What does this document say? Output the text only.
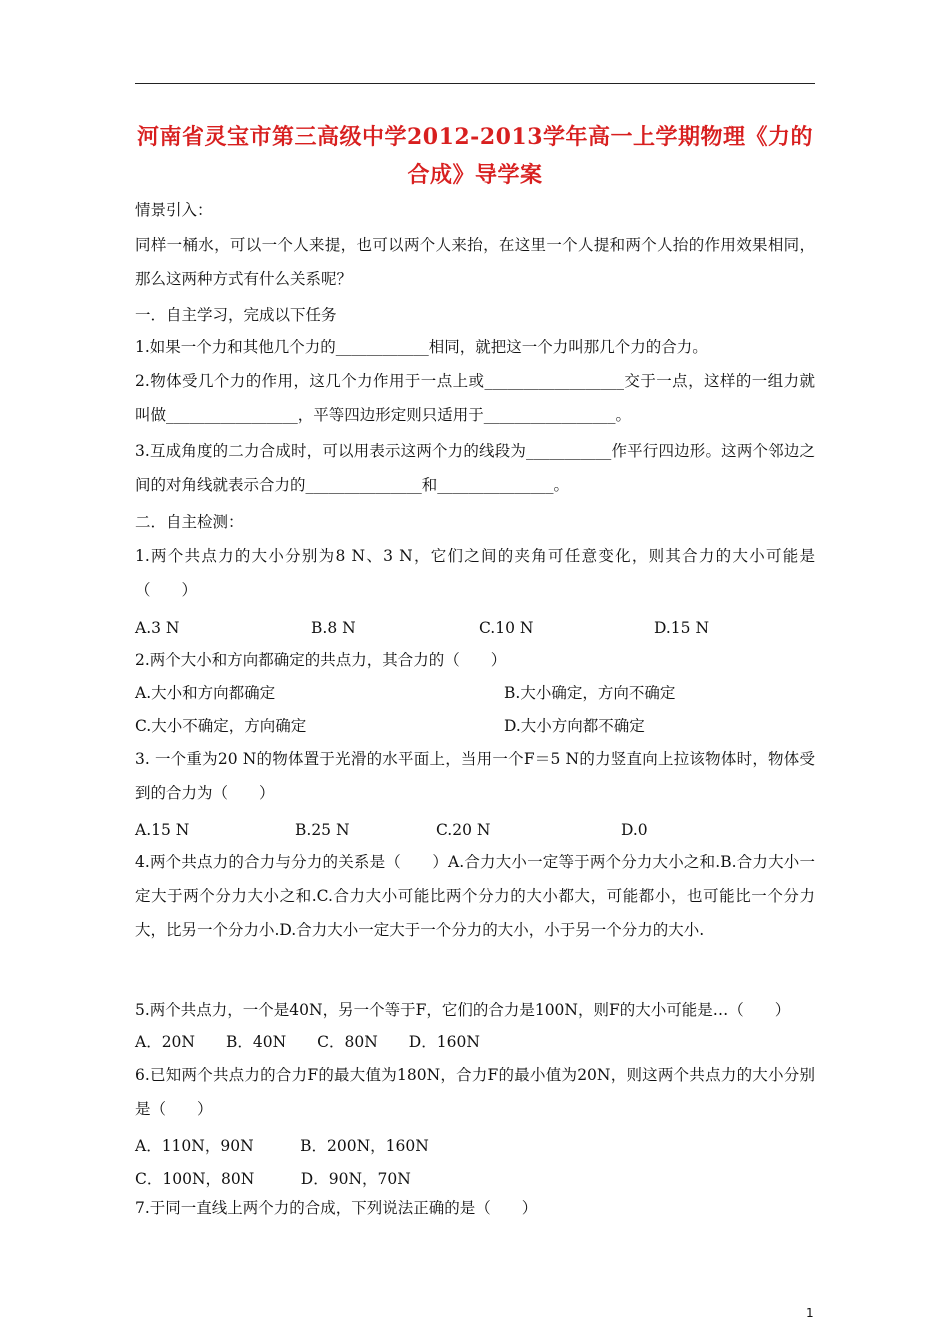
河南省灵宝市第三高级中学2012-2013学年高一上学期物理《力的合成》导学案
情景引入：
同样一桶水，可以一个人来提，也可以两个人来抬，在这里一个人提和两个人抬的作用效果相同，那么这两种方式有什么关系呢？
一．自主学习，完成以下任务
1.如果一个力和其他几个力的____________相同，就把这一个力叫那几个力的合力。
2.物体受几个力的作用，这几个力作用于一点上或__________________交于一点，这样的一组力就叫做_________________，平等四边形定则只适用于_________________。
3.互成角度的二力合成时，可以用表示这两个力的线段为___________作平行四边形。这两个邻边之间的对角线就表示合力的_______________和_______________。
二．自主检测：
1.两个共点力的大小分别为8 N、3 N，它们之间的夹角可任意变化，则其合力的大小可能是（　　）
A.3 N	B.8 N	C.10 N	D.15 N
2.两个大小和方向都确定的共点力，其合力的（　　）
A.大小和方向都确定	B.大小确定，方向不确定
C.大小不确定，方向确定	D.大小方向都不确定
3. 一个重为20 N的物体置于光滑的水平面上，当用一个F＝5 N的力竖直向上拉该物体时，物体受到的合力为（　　）
A.15 N	B.25 N	C.20 N	D.0
4.两个共点力的合力与分力的关系是（　　）A.合力大小一定等于两个分力大小之和.B.合力大小一定大于两个分力大小之和.C.合力大小可能比两个分力的大小都大，可能都小，也可能比一个分力大，比另一个分力小.D.合力大小一定大于一个分力的大小，小于另一个分力的大小.
5.两个共点力，一个是40N，另一个等于F，它们的合力是100N，则F的大小可能是…（　　）
A．20N　　B．40N　　C．80N　　D．160N
6.已知两个共点力的合力F的最大值为180N，合力F的最小值为20N，则这两个共点力的大小分别是（　　）
A．110N，90N　　　B．200N，160N
C．100N，80N　　　D．90N，70N
7.于同一直线上两个力的合成，下列说法正确的是（　　）
1
